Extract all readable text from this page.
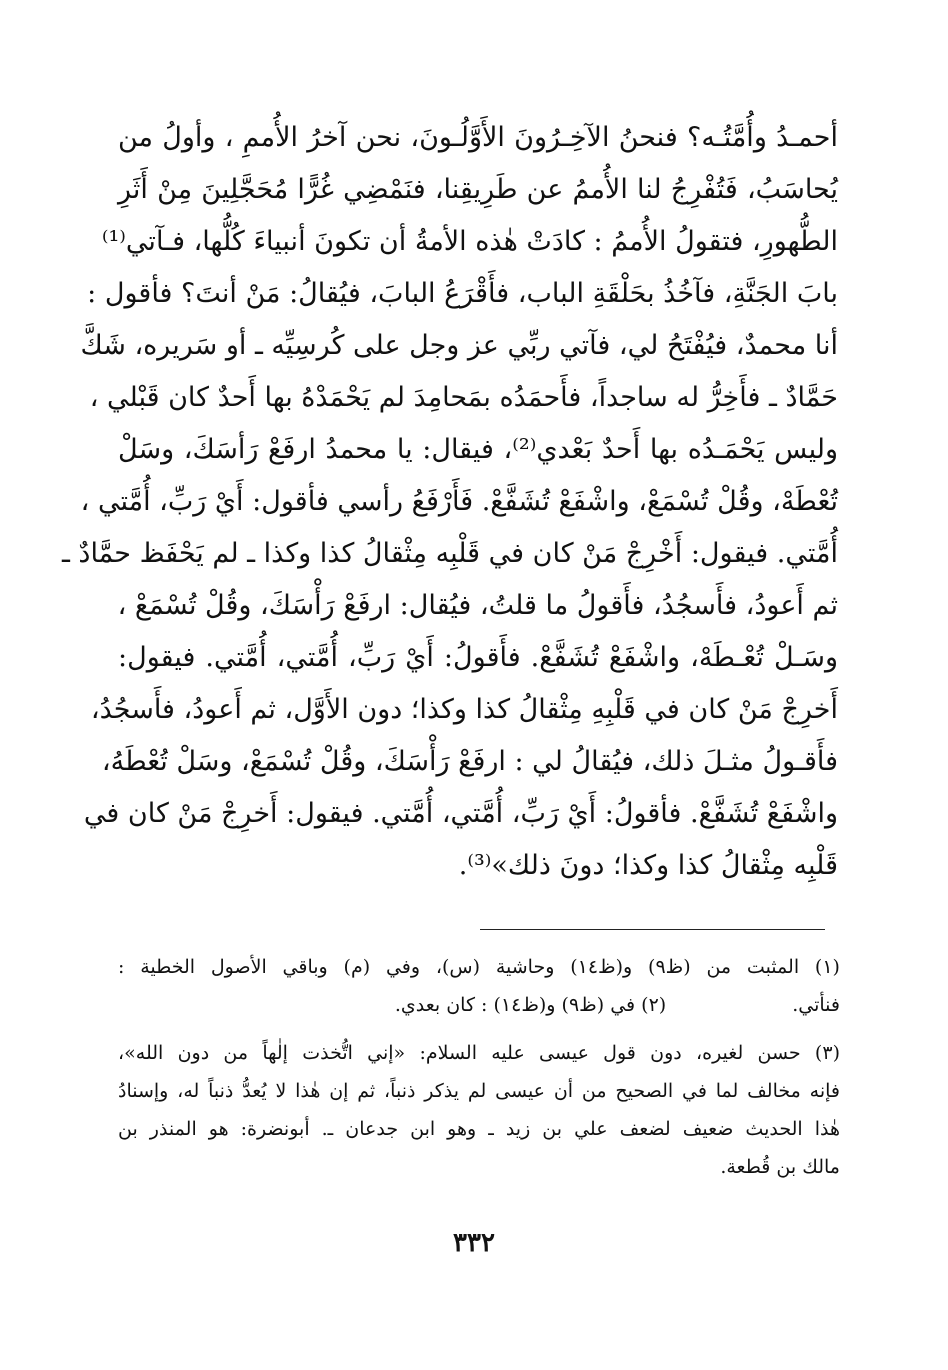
أحمـدُ وأُمَّتُـه؟ فنحنُ الآخِـرُونَ الأَوَّلُـونَ، نحن آخرُ الأُممِ ، وأولُ من
يُحاسَبُ، فَتُفْرِجُ لنا الأُممُ عن طَرِيقِنا، فنَمْضِي غُرًّا مُحَجَّلِينَ مِنْ أَثَرِ
الطُّهورِ، فتقولُ الأُممُ : كادَتْ هٰذه الأمةُ أن تكونَ أنبياءَ كُلُّها، فـآتي⁽¹⁾
بابَ الجَنَّةِ، فآخُذُ بحَلْقَةِ الباب، فأَقْرَعُ البابَ، فيُقالُ: مَنْ أنتَ؟ فأقول :
أنا محمدٌ، فيُفْتَحُ لي، فآتي ربِّي عز وجل على كُرسِيِّه ـ أو سَريره، شَكَّ
حَمَّادٌ ـ فأَخِرُّ له ساجداً، فأَحمَدُه بمَحامِدَ لم يَحْمَدْهُ بها أَحدٌ كان قَبْلي ،
وليس يَحْمَـدُه بها أَحدٌ بَعْدي⁽²⁾، فيقال: يا محمدُ ارفَعْ رَأسَكَ، وسَلْ
تُعْطَهْ، وقُلْ تُسْمَعْ، واشْفَعْ تُشَفَّعْ. فَأَرْفَعُ رأسي فأقول: أَيْ رَبِّ، أُمَّتي ،
أُمَّتي. فيقول: أَخْرِجْ مَنْ كان في قَلْبِه مِثْقالُ كذا وكذا ـ لم يَحْفَظ حمَّادٌ ـ
ثم أَعودُ، فأَسجُدُ، فأَقولُ ما قلتُ، فيُقال: ارفَعْ رَأْسَكَ، وقُلْ تُسْمَعْ ،
وسَـلْ تُعْـطَهْ، واشْفَعْ تُشَفَّعْ. فأَقولُ: أَيْ رَبِّ، أُمَّتي، أُمَّتي. فيقول:
أَخرِجْ مَنْ كان في قَلْبِهِ مِثْقالُ كذا وكذا؛ دون الأَوَّل، ثم أَعودُ، فأَسجُدُ،
فأَقـولُ مثـلَ ذلك، فيُقالُ لي : ارفَعْ رَأْسَكَ، وقُلْ تُسْمَعْ، وسَلْ تُعْطَهُ،
واشْفَعْ تُشَفَّعْ. فأقولُ: أَيْ رَبِّ، أُمَّتي، أُمَّتي. فيقول: أَخرِجْ مَنْ كان في
قَلْبِه مِثْقالُ كذا وكذا؛ دونَ ذلك»⁽³⁾.
(١) المثبت من (ظ٩) و(ظ١٤) وحاشية (س)، وفي (م) وباقي الأصول الخطية :
فنأتي.
(٢) في (ظ٩) و(ظ١٤) : كان بعدي.
(٣) حسن لغيره، دون قول عيسى عليه السلام: «إني اتُّخذت إلٰهاً من دون الله»،
فإنه مخالف لما في الصحيح من أن عيسى لم يذكر ذنباً، ثم إن هٰذا لا يُعدُّ ذنباً له، وإسنادُ
هٰذا الحديث ضعيف لضعف علي بن زيد ـ وهو ابن جدعان ـ. أبونضرة: هو المنذر بن
مالك بن قُطعة.
٣٣٢
